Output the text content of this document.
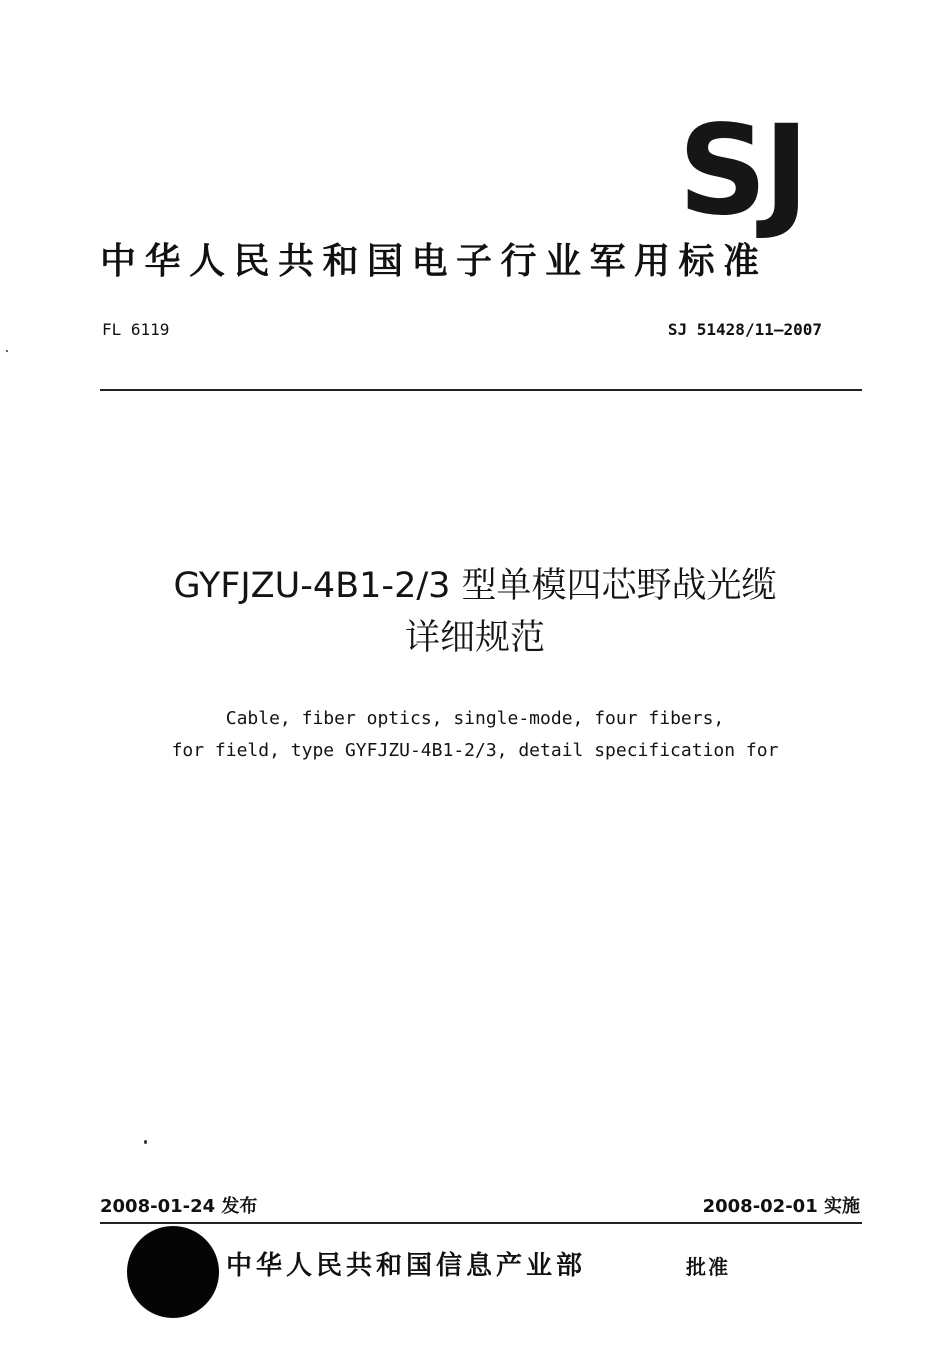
SJ
中华人民共和国电子行业军用标准
FL 6119	SJ 51428/11—2007
GYFJZU-4B1-2/3 型单模四芯野战光缆
详细规范
Cable, fiber optics, single-mode, four fibers,
for field, type GYFJZU-4B1-2/3, detail specification for
2008-01-24 发布	2008-02-01 实施
中华人民共和国信息产业部	批准
